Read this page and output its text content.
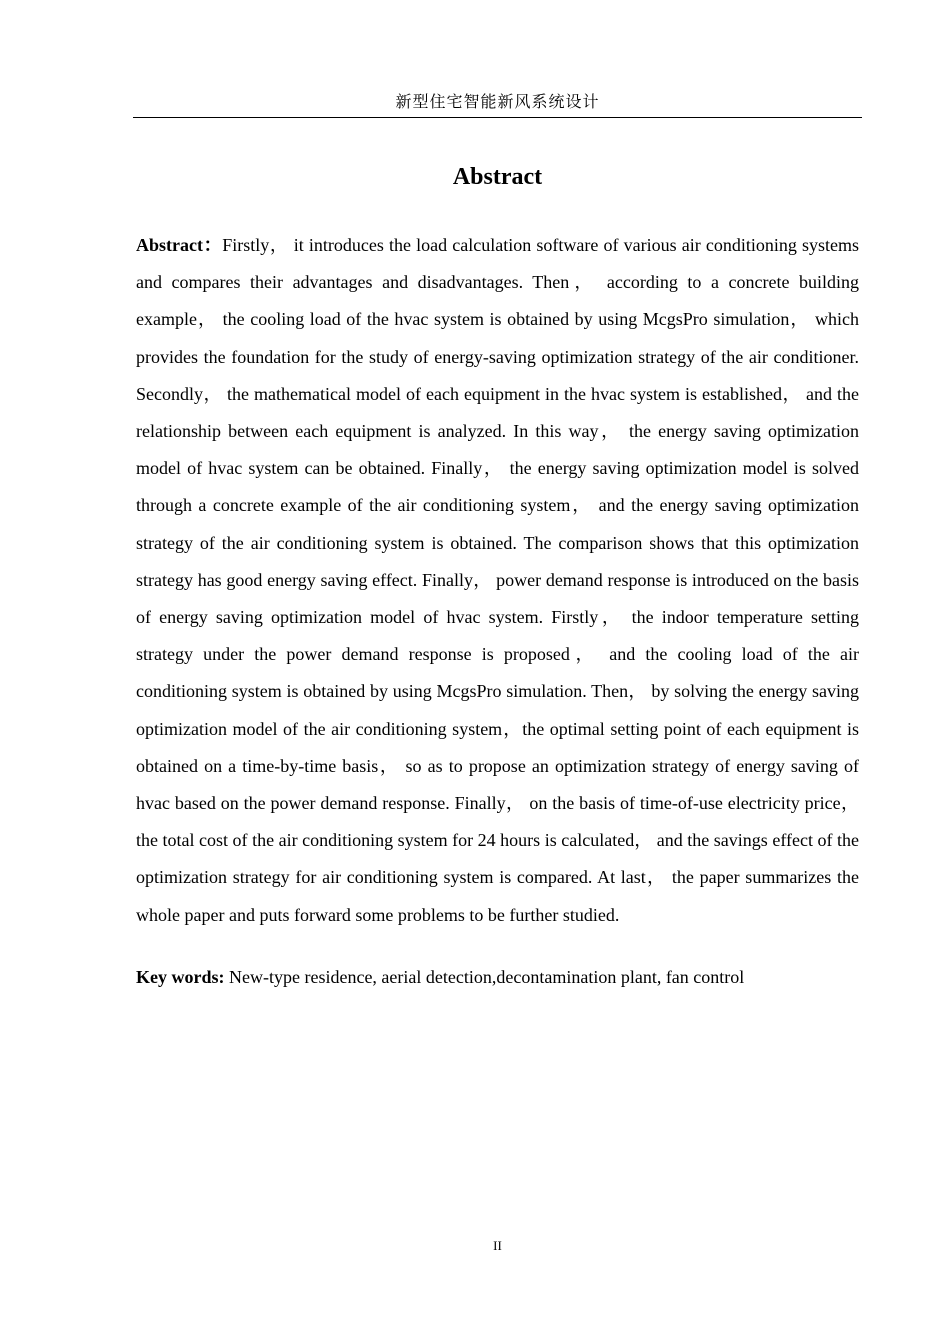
新型住宅智能新风系统设计
Abstract

Abstract：Firstly， it introduces the load calculation software of various air conditioning systems and compares their advantages and disadvantages. Then， according to a concrete building example， the cooling load of the hvac system is obtained by using McgsPro simulation， which provides the foundation for the study of energy-saving optimization strategy of the air conditioner. Secondly， the mathematical model of each equipment in the hvac system is established， and the relationship between each equipment is analyzed. In this way， the energy saving optimization model of hvac system can be obtained. Finally， the energy saving optimization model is solved through a concrete example of the air conditioning system， and the energy saving optimization strategy of the air conditioning system is obtained. The comparison shows that this optimization strategy has good energy saving effect. Finally， power demand response is introduced on the basis of energy saving optimization model of hvac system. Firstly， the indoor temperature setting strategy under the power demand response is proposed， and the cooling load of the air conditioning system is obtained by using McgsPro simulation. Then， by solving the energy saving optimization model of the air conditioning system，the optimal setting point of each equipment is obtained on a time-by-time basis， so as to propose an optimization strategy of energy saving of hvac based on the power demand response. Finally， on the basis of time-of-use electricity price， the total cost of the air conditioning system for 24 hours is calculated， and the savings effect of the optimization strategy for air conditioning system is compared. At last， the paper summarizes the whole paper and puts forward some problems to be further studied.

Key words: New-type residence, aerial detection,decontamination plant, fan control

II
